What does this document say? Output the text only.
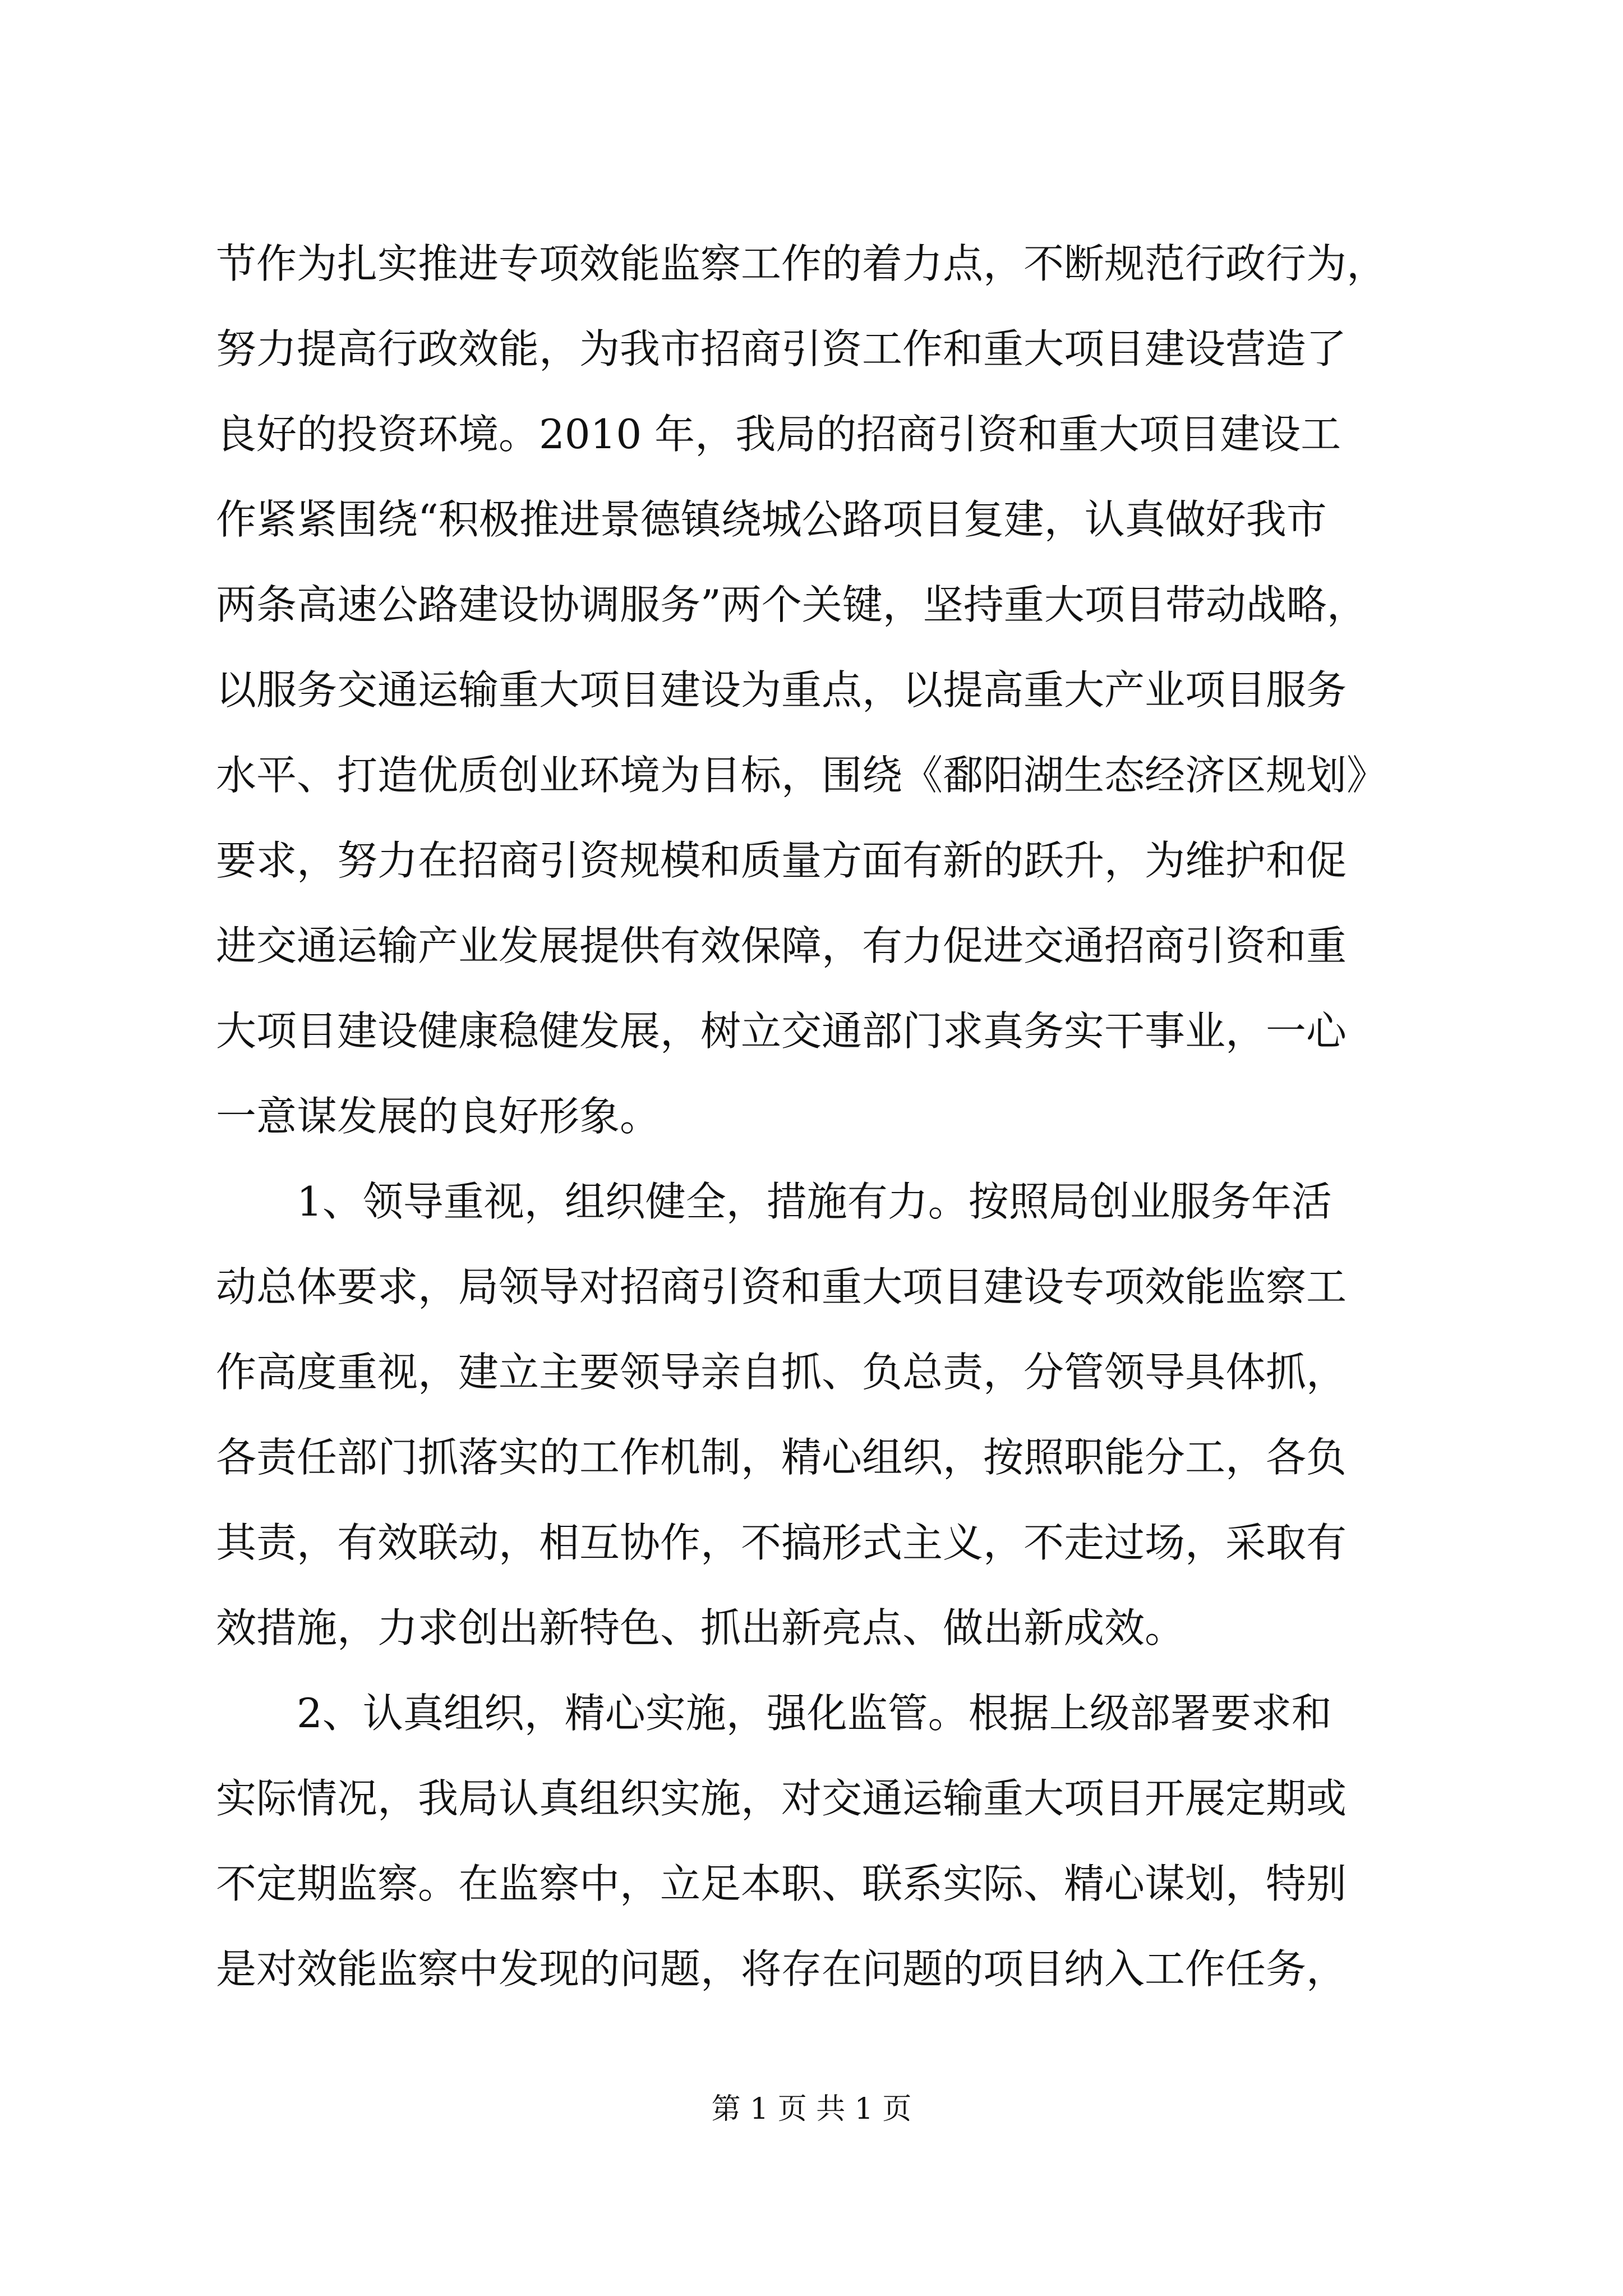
节作为扎实推进专项效能监察工作的着力点，不断规范行政行为，
努力提高行政效能，为我市招商引资工作和重大项目建设营造了
良好的投资环境。2010 年，我局的招商引资和重大项目建设工
作紧紧围绕“积极推进景德镇绕城公路项目复建，认真做好我市
两条高速公路建设协调服务”两个关键，坚持重大项目带动战略，
以服务交通运输重大项目建设为重点，以提高重大产业项目服务
水平、打造优质创业环境为目标，围绕《鄱阳湖生态经济区规划》
要求，努力在招商引资规模和质量方面有新的跃升，为维护和促
进交通运输产业发展提供有效保障，有力促进交通招商引资和重
大项目建设健康稳健发展，树立交通部门求真务实干事业，一心
一意谋发展的良好形象。
　　1、领导重视，组织健全，措施有力。按照局创业服务年活
动总体要求，局领导对招商引资和重大项目建设专项效能监察工
作高度重视，建立主要领导亲自抓、负总责，分管领导具体抓，
各责任部门抓落实的工作机制，精心组织，按照职能分工，各负
其责，有效联动，相互协作，不搞形式主义，不走过场，采取有
效措施，力求创出新特色、抓出新亮点、做出新成效。
　　2、认真组织，精心实施，强化监管。根据上级部署要求和
实际情况，我局认真组织实施，对交通运输重大项目开展定期或
不定期监察。在监察中，立足本职、联系实际、精心谋划，特别
是对效能监察中发现的问题，将存在问题的项目纳入工作任务，
第 1 页 共 1 页
